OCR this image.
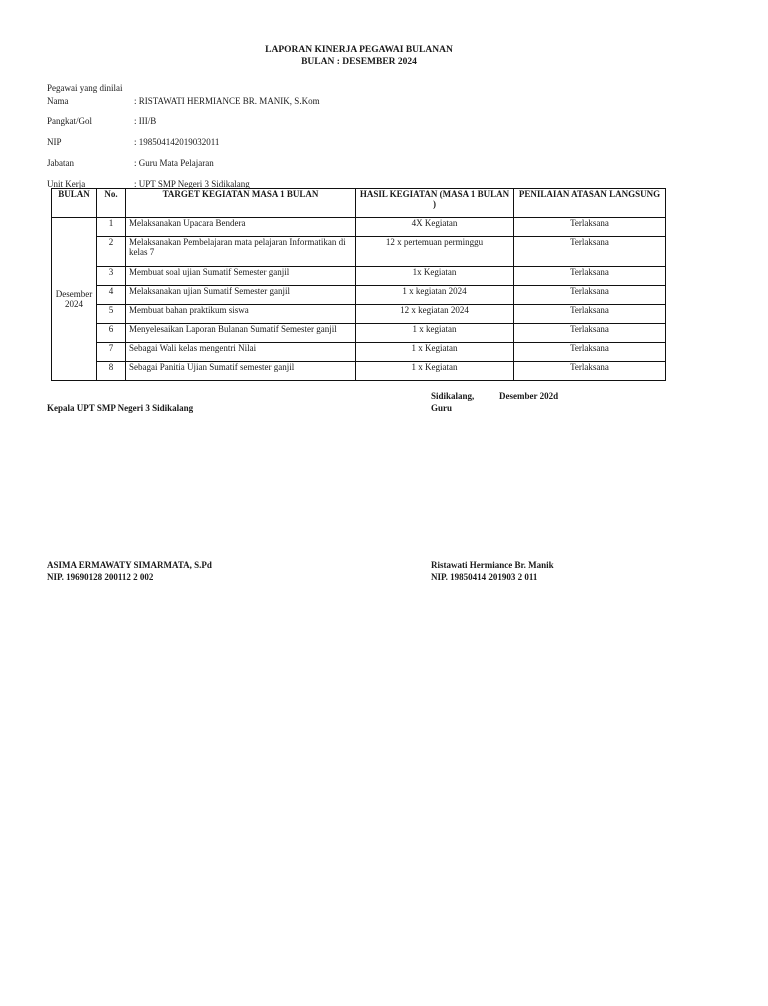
LAPORAN KINERJA PEGAWAI BULANAN
BULAN : DESEMBER 2024
Pegawai yang dinilai
Nama	: RISTAWATI HERMIANCE BR. MANIK, S.Kom
Pangkat/Gol	: III/B
NIP	: 198504142019032011
Jabatan	: Guru Mata Pelajaran
Unit Kerja	: UPT SMP Negeri 3 Sidikalang
BULAN	No.	TARGET KEGIATAN MASA 1 BULAN	HASIL KEGIATAN (MASA 1 BULAN )	PENILAIAN ATASAN LANGSUNG
Desember 2024	1	Melaksanakan Upacara Bendera	4X Kegiatan	Terlaksana
	2	Melaksanakan Pembelajaran mata pelajaran Informatikan di kelas 7	12 x pertemuan perminggu	Terlaksana
	3	Membuat soal ujian Sumatif Semester ganjil	1x Kegiatan	Terlaksana
	4	Melaksanakan ujian Sumatif Semester ganjil	1 x kegiatan 2024	Terlaksana
	5	Membuat bahan praktikum siswa	12 x kegiatan 2024	Terlaksana
	6	Menyelesaikan Laporan Bulanan Sumatif Semester ganjil	1 x kegiatan	Terlaksana
	7	Sebagai Wali kelas mengentri Nilai	1 x Kegiatan	Terlaksana
	8	Sebagai Panitia Ujian Sumatif semester ganjil	1 x Kegiatan	Terlaksana
Sidikalang,	Desember 202d
Kepala UPT SMP Negeri 3 Sidikalang	Guru
ASIMA ERMAWATY SIMARMATA, S.Pd
NIP. 19690128 200112 2 002
Ristawati Hermiance Br. Manik
NIP. 19850414 201903 2 011
